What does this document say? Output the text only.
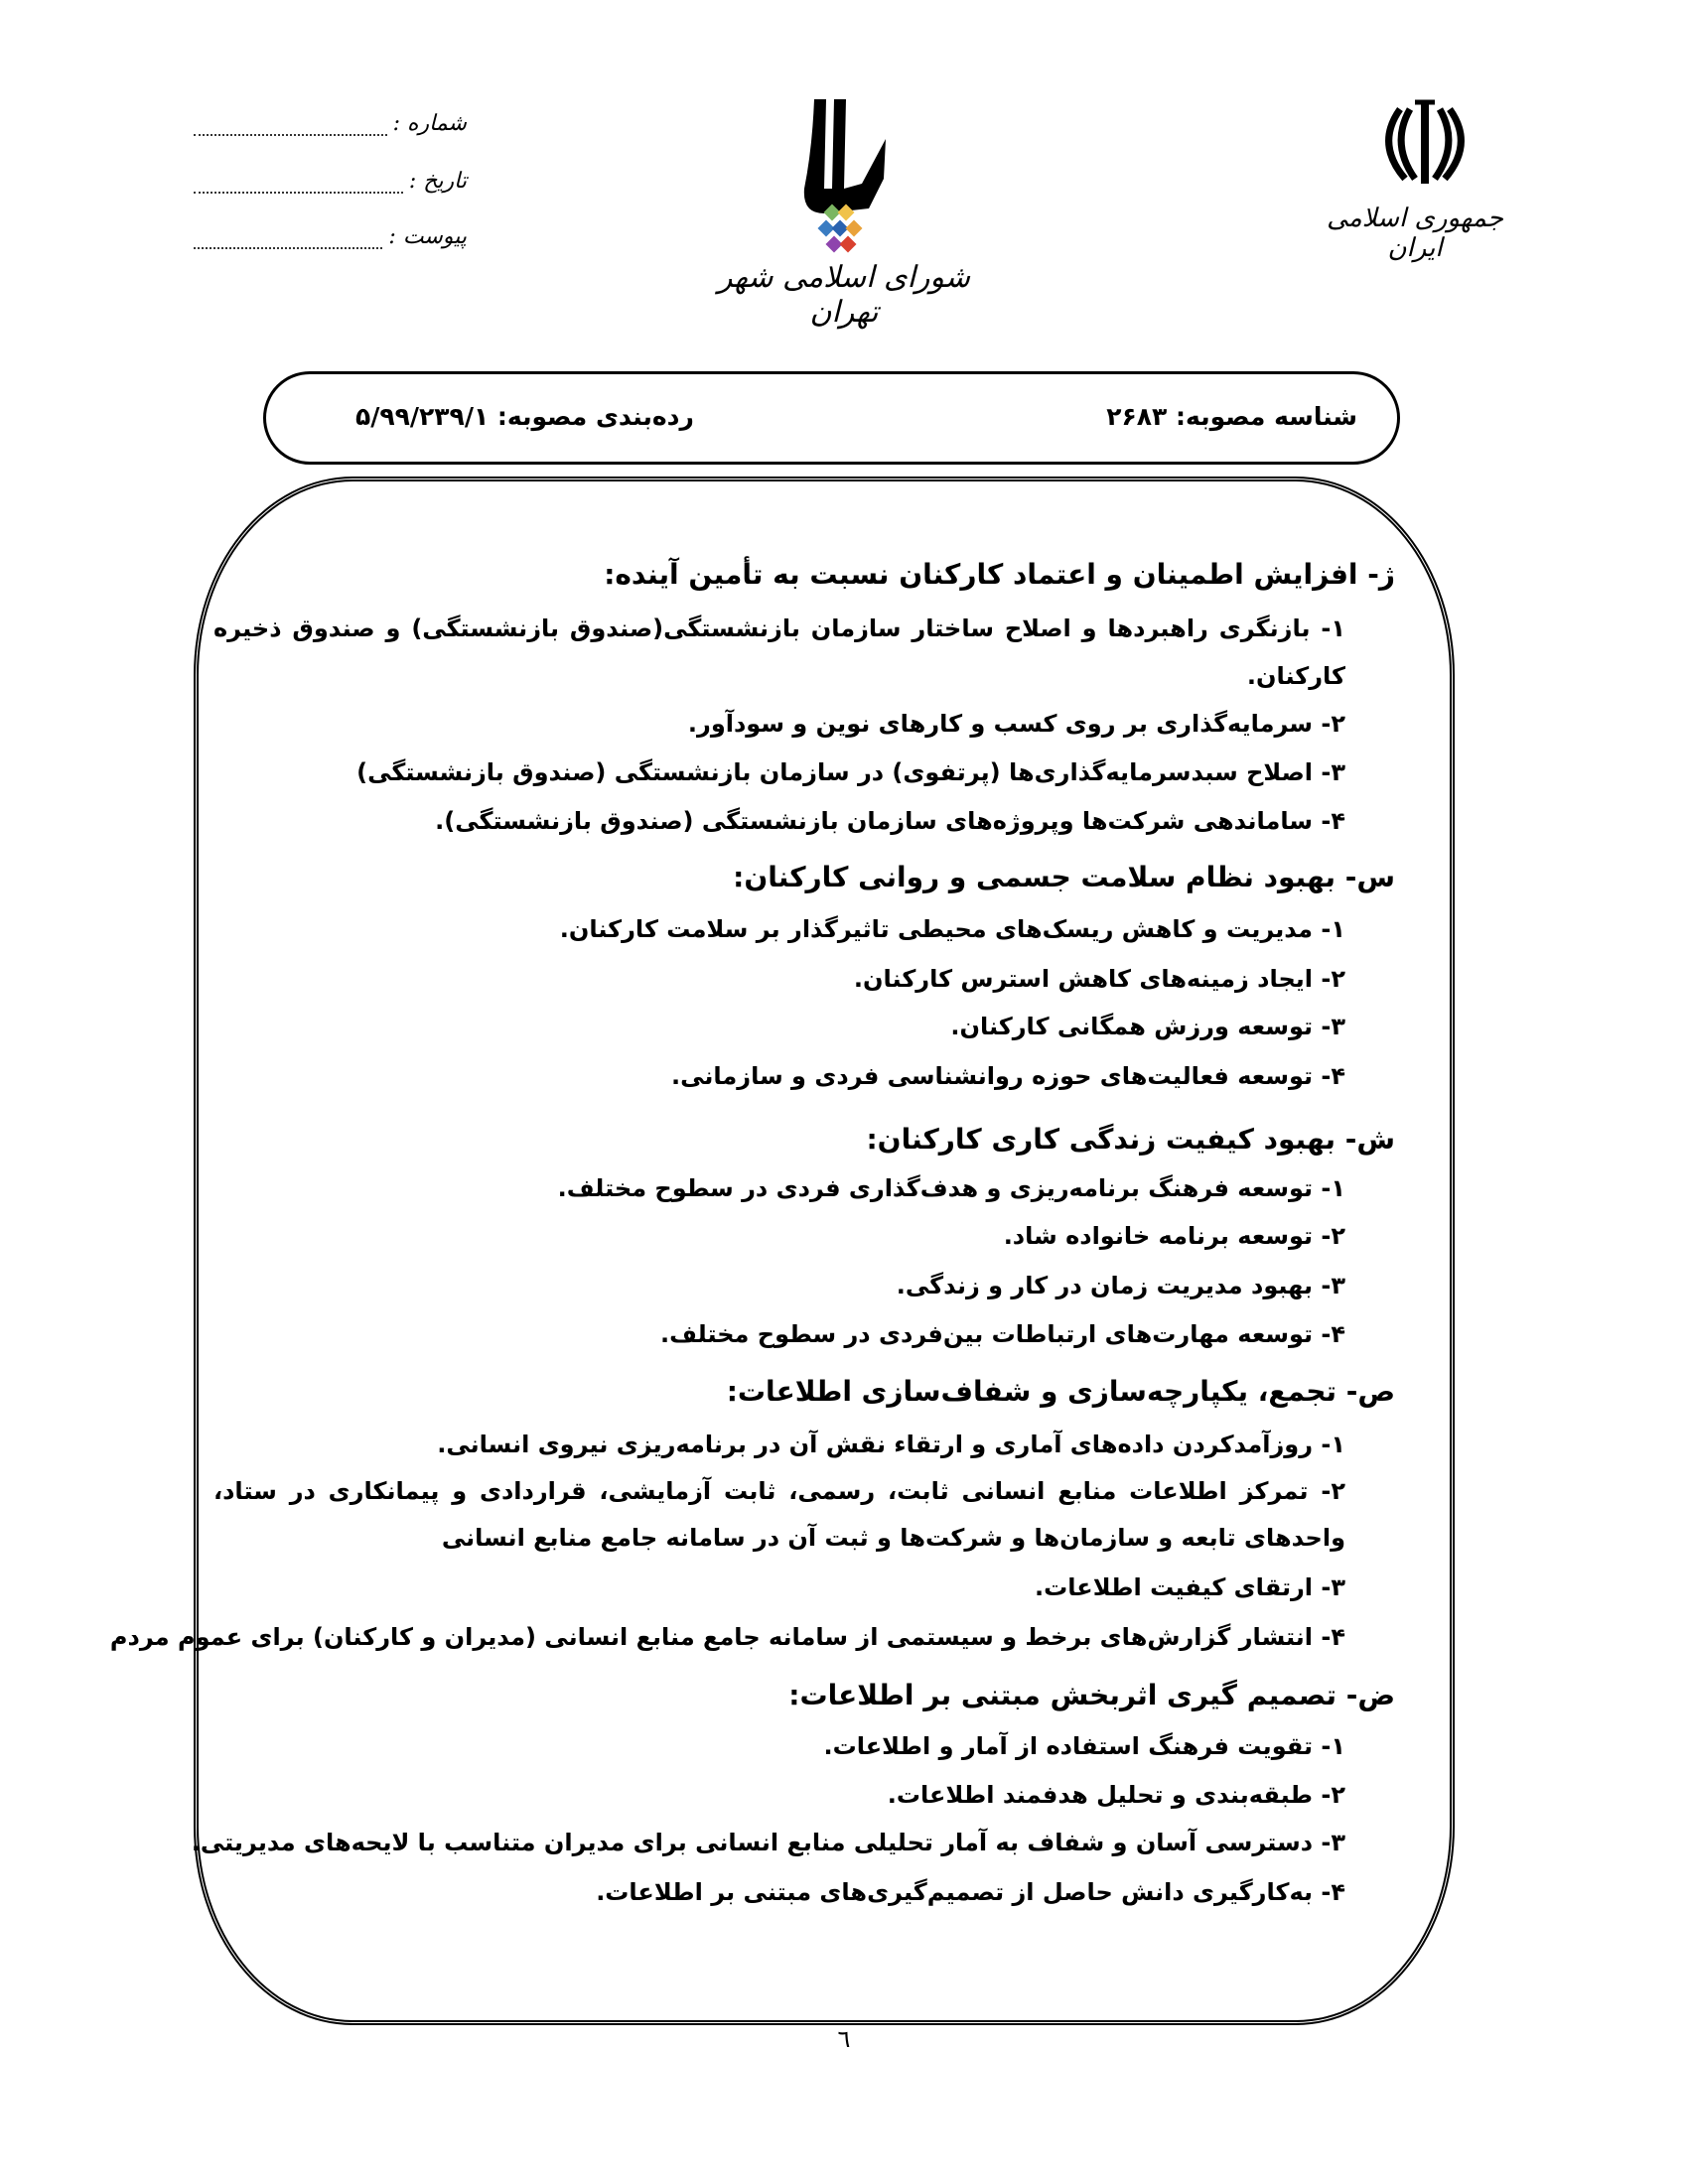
شماره :
تاریخ :
پیوست :
شورای اسلامی شهر تهران
جمهوری اسلامی ایران
شناسه مصوبه: ۲۶۸۳
رده‌بندی مصوبه: ۵/۹۹/۲۳۹/۱
ژ- افزایش اطمینان و اعتماد کارکنان نسبت به تأمین آینده:
۱- بازنگری راهبردها و اصلاح ساختار سازمان بازنشستگی(صندوق بازنشستگی) و صندوق ذخیره
کارکنان.
۲- سرمایه‌گذاری بر روی کسب و کارهای نوین و سودآور.
۳- اصلاح سبدسرمایه‌گذاری‌ها (پرتفوی) در سازمان بازنشستگی (صندوق بازنشستگی)
۴- ساماندهی شرکت‌ها وپروژه‌های سازمان بازنشستگی (صندوق بازنشستگی).
س- بهبود نظام سلامت جسمی و روانی کارکنان:
۱- مدیریت و کاهش ریسک‌های محیطی تاثیرگذار بر سلامت کارکنان.
۲- ایجاد زمینه‌های کاهش استرس کارکنان.
۳- توسعه ورزش همگانی کارکنان.
۴- توسعه فعالیت‌های حوزه روانشناسی فردی و سازمانی.
ش- بهبود کیفیت زندگی کاری کارکنان:
۱- توسعه فرهنگ برنامه‌ریزی و هدف‌گذاری فردی در سطوح مختلف.
۲- توسعه برنامه خانواده شاد.
۳- بهبود مدیریت زمان در کار و زندگی.
۴- توسعه مهارت‌های ارتباطات بین‌فردی در سطوح مختلف.
ص- تجمع، یکپارچه‌سازی و شفاف‌سازی اطلاعات:
۱- روزآمدکردن داده‌های آماری و ارتقاء نقش آن در برنامه‌ریزی نیروی انسانی.
۲- تمرکز اطلاعات منابع انسانی ثابت، رسمی، ثابت آزمایشی، قراردادی و پیمانکاری در ستاد،
واحدهای تابعه و سازمان‌ها و شرکت‌ها و ثبت آن در سامانه جامع منابع انسانی
۳- ارتقای کیفیت اطلاعات.
۴- انتشار گزارش‌های برخط و سیستمی از سامانه جامع منابع انسانی (مدیران و کارکنان) برای عموم مردم
ض- تصمیم گیری اثربخش مبتنی بر اطلاعات:
۱- تقویت فرهنگ استفاده از آمار و اطلاعات.
۲- طبقه‌بندی و تحلیل هدفمند اطلاعات.
۳- دسترسی آسان و شفاف به آمار تحلیلی منابع انسانی برای مدیران متناسب با لایحه‌های مدیریتی.
۴- به‌کارگیری دانش حاصل از تصمیم‌گیری‌های مبتنی بر اطلاعات.
٦
